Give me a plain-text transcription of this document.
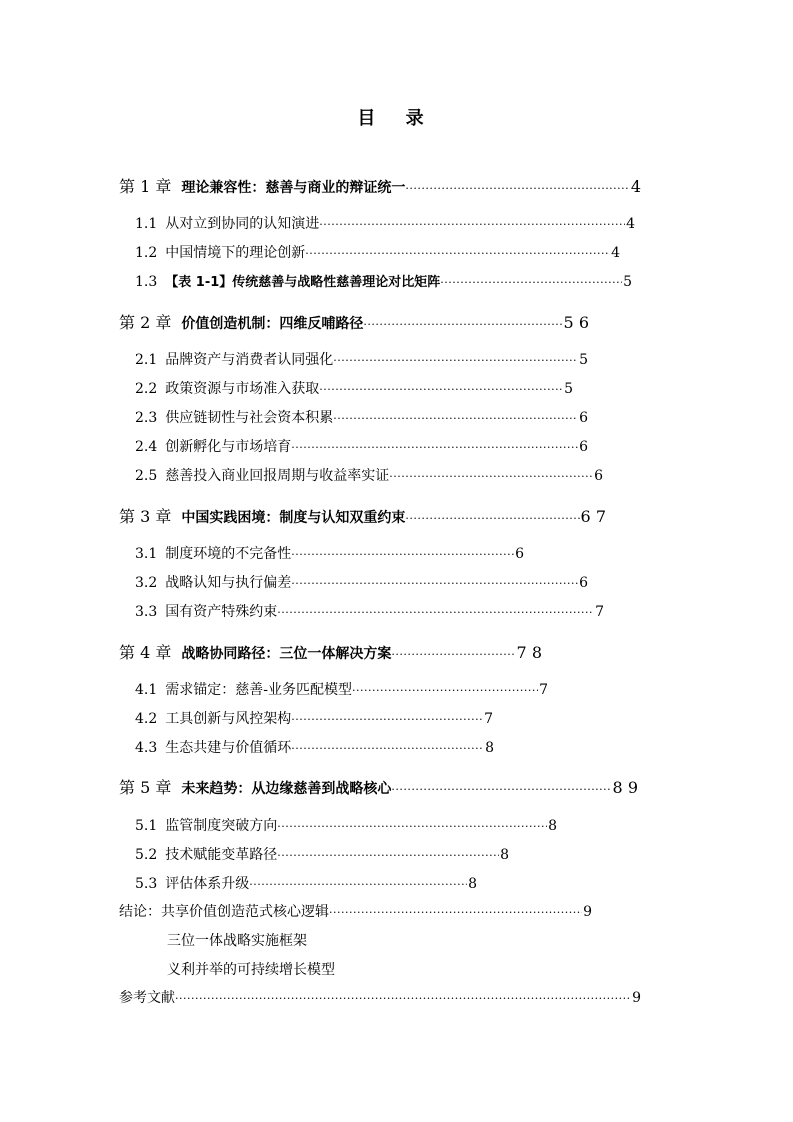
目 录
第 1 章 理论兼容性：慈善与商业的辩证统一 ·····	4
1.1 从对立到协同的认知演进 ·····	4
1.2 中国情境下的理论创新 ·····	4
1.3 【表 1-1】传统慈善与战略性慈善理论对比矩阵 ·····	5
第 2 章 价值创造机制：四维反哺路径 ·····	5 6
2.1 品牌资产与消费者认同强化 ·····	5
2.2 政策资源与市场准入获取 ·····	5
2.3 供应链韧性与社会资本积累 ·····	6
2.4 创新孵化与市场培育 ·····	6
2.5 慈善投入商业回报周期与收益率实证 ·····	6
第 3 章 中国实践困境：制度与认知双重约束 ·····	6 7
3.1 制度环境的不完备性 ·····	6
3.2 战略认知与执行偏差 ·····	6
3.3 国有资产特殊约束 ·····	7
第 4 章 战略协同路径：三位一体解决方案 ·····	7 8
4.1 需求锚定：慈善-业务匹配模型 ·····	7
4.2 工具创新与风控架构 ·····	7
4.3 生态共建与价值循环 ·····	8
第 5 章 未来趋势：从边缘慈善到战略核心 ·····	8 9
5.1 监管制度突破方向 ·····	8
5.2 技术赋能变革路径 ·····	8
5.3 评估体系升级 ·····	8
结论：共享价值创造范式核心逻辑 ·····	9
三位一体战略实施框架
义利并举的可持续增长模型
参考文献 ·····	9
